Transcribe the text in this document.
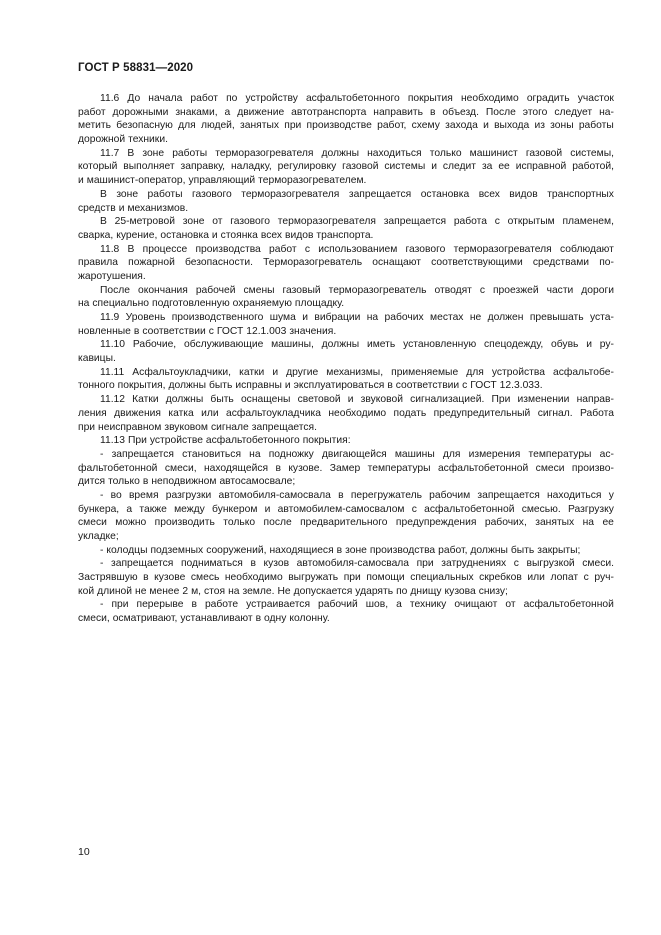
ГОСТ Р 58831—2020
11.6 До начала работ по устройству асфальтобетонного покрытия необходимо оградить участок
работ дорожными знаками, а движение автотранспорта направить в объезд. После этого следует на-
метить безопасную для людей, занятых при производстве работ, схему захода и выхода из зоны работы
дорожной техники.
11.7 В зоне работы терморазогревателя должны находиться только машинист газовой системы,
который выполняет заправку, наладку, регулировку газовой системы и следит за ее исправной работой,
и машинист-оператор, управляющий терморазогревателем.
В зоне работы газового терморазогревателя запрещается остановка всех видов транспортных
средств и механизмов.
В 25-метровой зоне от газового терморазогревателя запрещается работа с открытым пламенем,
сварка, курение, остановка и стоянка всех видов транспорта.
11.8 В процессе производства работ с использованием газового терморазогревателя соблюдают
правила пожарной безопасности. Терморазогреватель оснащают соответствующими средствами по-
жаротушения.
После окончания рабочей смены газовый терморазогреватель отводят с проезжей части дороги
на специально подготовленную охраняемую площадку.
11.9 Уровень производственного шума и вибрации на рабочих местах не должен превышать уста-
новленные в соответствии с ГОСТ 12.1.003 значения.
11.10 Рабочие, обслуживающие машины, должны иметь установленную спецодежду, обувь и ру-
кавицы.
11.11 Асфальтоукладчики, катки и другие механизмы, применяемые для устройства асфальтобе-
тонного покрытия, должны быть исправны и эксплуатироваться в соответствии с ГОСТ 12.3.033.
11.12 Катки должны быть оснащены световой и звуковой сигнализацией. При изменении направ-
ления движения катка или асфальтоукладчика необходимо подать предупредительный сигнал. Работа
при неисправном звуковом сигнале запрещается.
11.13 При устройстве асфальтобетонного покрытия:
- запрещается становиться на подножку двигающейся машины для измерения температуры ас-
фальтобетонной смеси, находящейся в кузове. Замер температуры асфальтобетонной смеси произво-
дится только в неподвижном автосамосвале;
- во время разгрузки автомобиля-самосвала в перегружатель рабочим запрещается находиться у
бункера, а также между бункером и автомобилем-самосвалом с асфальтобетонной смесью. Разгрузку
смеси можно производить только после предварительного предупреждения рабочих, занятых на ее
укладке;
- колодцы подземных сооружений, находящиеся в зоне производства работ, должны быть закрыты;
- запрещается подниматься в кузов автомобиля-самосвала при затруднениях с выгрузкой смеси.
Застрявшую в кузове смесь необходимо выгружать при помощи специальных скребков или лопат с руч-
кой длиной не менее 2 м, стоя на земле. Не допускается ударять по днищу кузова снизу;
- при перерыве в работе устраивается рабочий шов, а технику очищают от асфальтобетонной
смеси, осматривают, устанавливают в одну колонну.
10
